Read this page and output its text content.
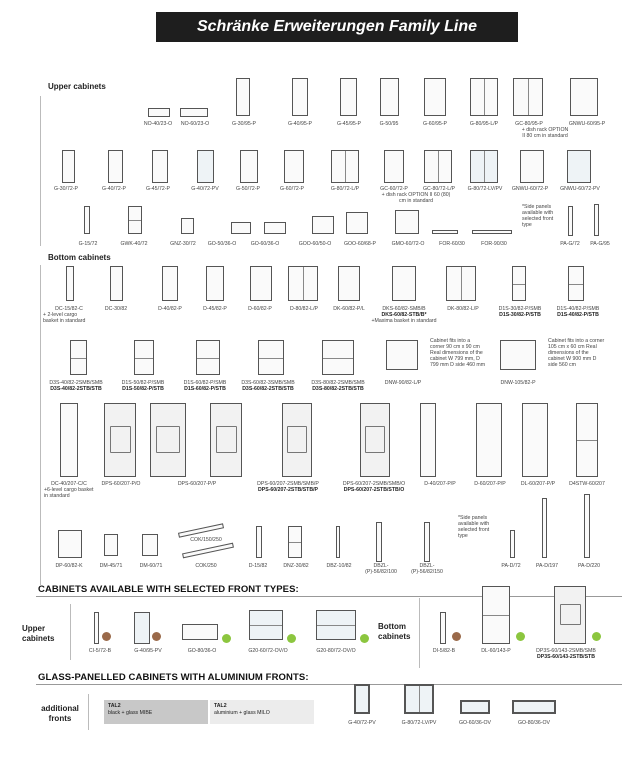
Schränke Erweiterungen Family Line
Upper cabinets
NO-40/23-O	NO-60/23-O	G-30/95-P	G-40/95-P	G-45/95-P	G-50/95	G-60/95-P	G-80/95-L/P	GC-80/95-P	GNWU-60/95-P
+ dish rack OPTION II 80 cm in standard
G-30/72-P	G-40/72-P	G-45/72-P	G-40/72-PV	G-50/72-P	G-60/72-P	G-80/72-L/P	GC-60/72-P	GC-80/72-L/P	G-80/72-LV/PV	GNWU-60/72-P	GNWU-60/72-PV
+ dish rack OPTION II 60 (80) cm in standard
G-15/72	GWK-40/72	GNZ-30/72	GO-50/36-O	GO-60/36-O	GOO-60/50-O	GOO-60/68-P	GMO-60/72-O	FOR-60/30	FOR-90/30	PA-G/72	PA-G/95
*Side panels available with selected front type
Bottom cabinets
DC-15/82-C
+ 2-level cargo basket in standard
DC-30/82	D-40/82-P	D-45/82-P	D-60/82-P	D-80/82-L/P	DK-60/82-P/L	DKS-60/82-SMB/B
DKS-60/82-STB/B*
+Maxima basket in standard
DK-80/82-L/P	D1S-30/82-P/SMB
D1S-30/82-P/STB
D1S-40/82-P/SMB
D1S-40/82-P/STB
D3S-40/82-2SMB/SMB
D3S-40/82-2STB/STB
D1S-50/82-P/SMB
D1S-50/82-P/STB
D1S-60/82-P/SMB
D1S-60/82-P/STB
D3S-60/82-3SMB/SMB
D3S-60/82-2STB/STB
D3S-80/82-2SMB/SMB
D3S-80/82-2STB/STB
DNW-90/82-L/P
Cabinet fits into a corner 90 cm x 90 cm Real dimensions of the cabinet W 799 mm, D 799 mm D side 460 mm
DNW-105/82-P
Cabinet fits into a corner 105 cm x 60 cm Real dimensions of the cabinet W 900 mm D side 560 cm
DC-40/207-C/C
+6-level cargo basket in standard
DPS-60/207-P/O	DPS-60/207-P/P	DPS-60/207-2SMB/SMB/P
DPS-60/207-2STB/STB/P
DPS-60/207-2SMB/SMB/O
DPS-60/207-2STB/STB/O
D-40/207-P/P	D-60/207-P/P	DL-60/207-P/P	D4STW-60/207
DP-60/82-K	DM-45/71	DM-60/71
COK/150/250
COK/250	D-15/82	DNZ-30/82	DBZ-10/82	DBZL-(P)-56/82/100
DBZL-(P)-56/82/150
*Side panels available with selected front type
PA-D/72	PA-D/197	PA-D/220
CABINETS AVAILABLE WITH SELECTED FRONT TYPES:
Upper cabinets
CI-5/72-B	G-40/95-PV	GO-80/36-O	G20-60/72-OV/O	G20-80/72-OV/O
Bottom cabinets
DI-5/82-B	DL-60/143-P	DP3S-60/143-2SMB/SMB
DP3S-60/143-2STB/STB
GLASS-PANELLED CABINETS WITH ALUMINIUM FRONTS:
additional fronts
TAL2
black + glass MIBE
TAL2
aluminium + glass MILO
G-40/72-PV	G-80/72-LV/PV	GO-60/36-OV	GO-80/36-OV
